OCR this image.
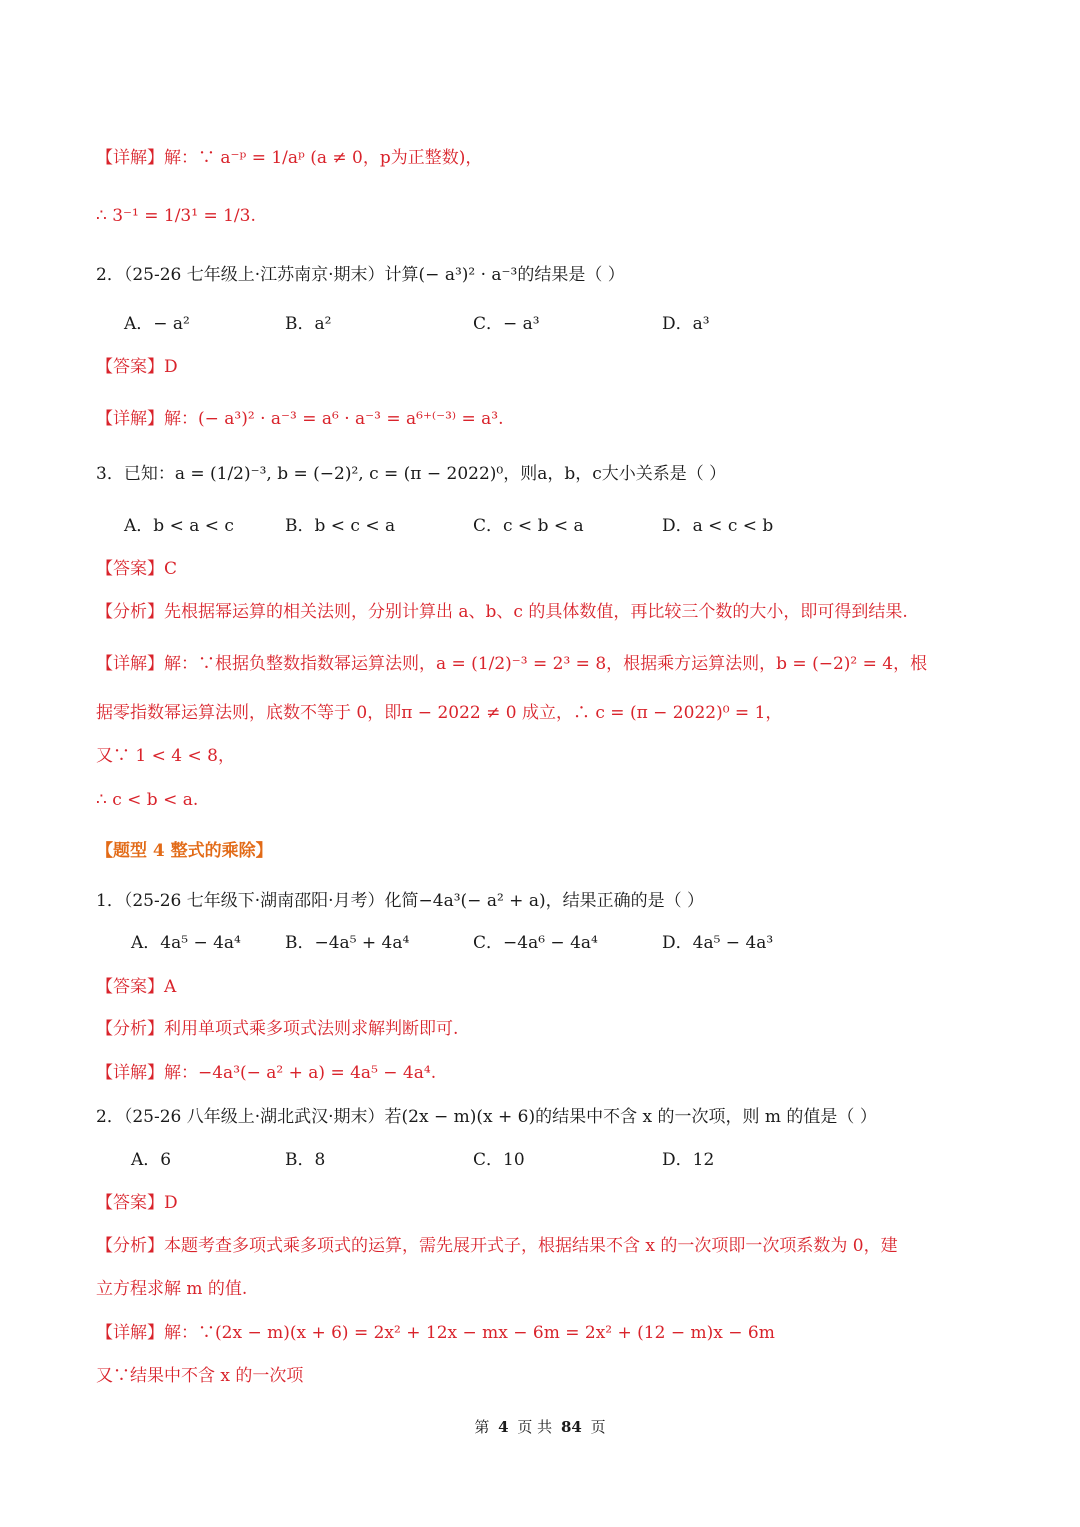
【详解】解：∵ a⁻ᵖ = 1/aᵖ (a ≠ 0，p为正整数)，
∴ 3⁻¹ = 1/3¹ = 1/3.
2．（25-26 七年级上·江苏南京·期末）计算(− a³)² · a⁻³的结果是（ ）
A．− a²	B．a²	C．− a³	D．a³
【答案】D
【详解】解：(− a³)² · a⁻³ = a⁶ · a⁻³ = a⁶⁺⁽⁻³⁾ = a³.
3．已知：a = (1/2)⁻³, b = (−2)², c = (π − 2022)⁰，则a，b，c大小关系是（ ）
A．b < a < c	B．b < c < a	C．c < b < a	D．a < c < b
【答案】C
【分析】先根据幂运算的相关法则，分别计算出 a、b、c 的具体数值，再比较三个数的大小，即可得到结果.
【详解】解：∵根据负整数指数幂运算法则，a = (1/2)⁻³ = 2³ = 8，根据乘方运算法则，b = (−2)² = 4，根
据零指数幂运算法则，底数不等于 0，即π − 2022 ≠ 0 成立，∴ c = (π − 2022)⁰ = 1，
又∵ 1 < 4 < 8，
∴ c < b < a.
【题型 4 整式的乘除】
1．（25-26 七年级下·湖南邵阳·月考）化简−4a³(− a² + a)，结果正确的是（ ）
A．4a⁵ − 4a⁴	B．−4a⁵ + 4a⁴	C．−4a⁶ − 4a⁴	D．4a⁵ − 4a³
【答案】A
【分析】利用单项式乘多项式法则求解判断即可.
【详解】解：−4a³(− a² + a) = 4a⁵ − 4a⁴.
2．（25-26 八年级上·湖北武汉·期末）若(2x − m)(x + 6)的结果中不含 x 的一次项，则 m 的值是（ ）
A．6	B．8	C．10	D．12
【答案】D
【分析】本题考查多项式乘多项式的运算，需先展开式子，根据结果不含 x 的一次项即一次项系数为 0，建
立方程求解 m 的值.
【详解】解：∵(2x − m)(x + 6) = 2x² + 12x − mx − 6m = 2x² + (12 − m)x − 6m
又∵结果中不含 x 的一次项
第 4 页 共 84 页
